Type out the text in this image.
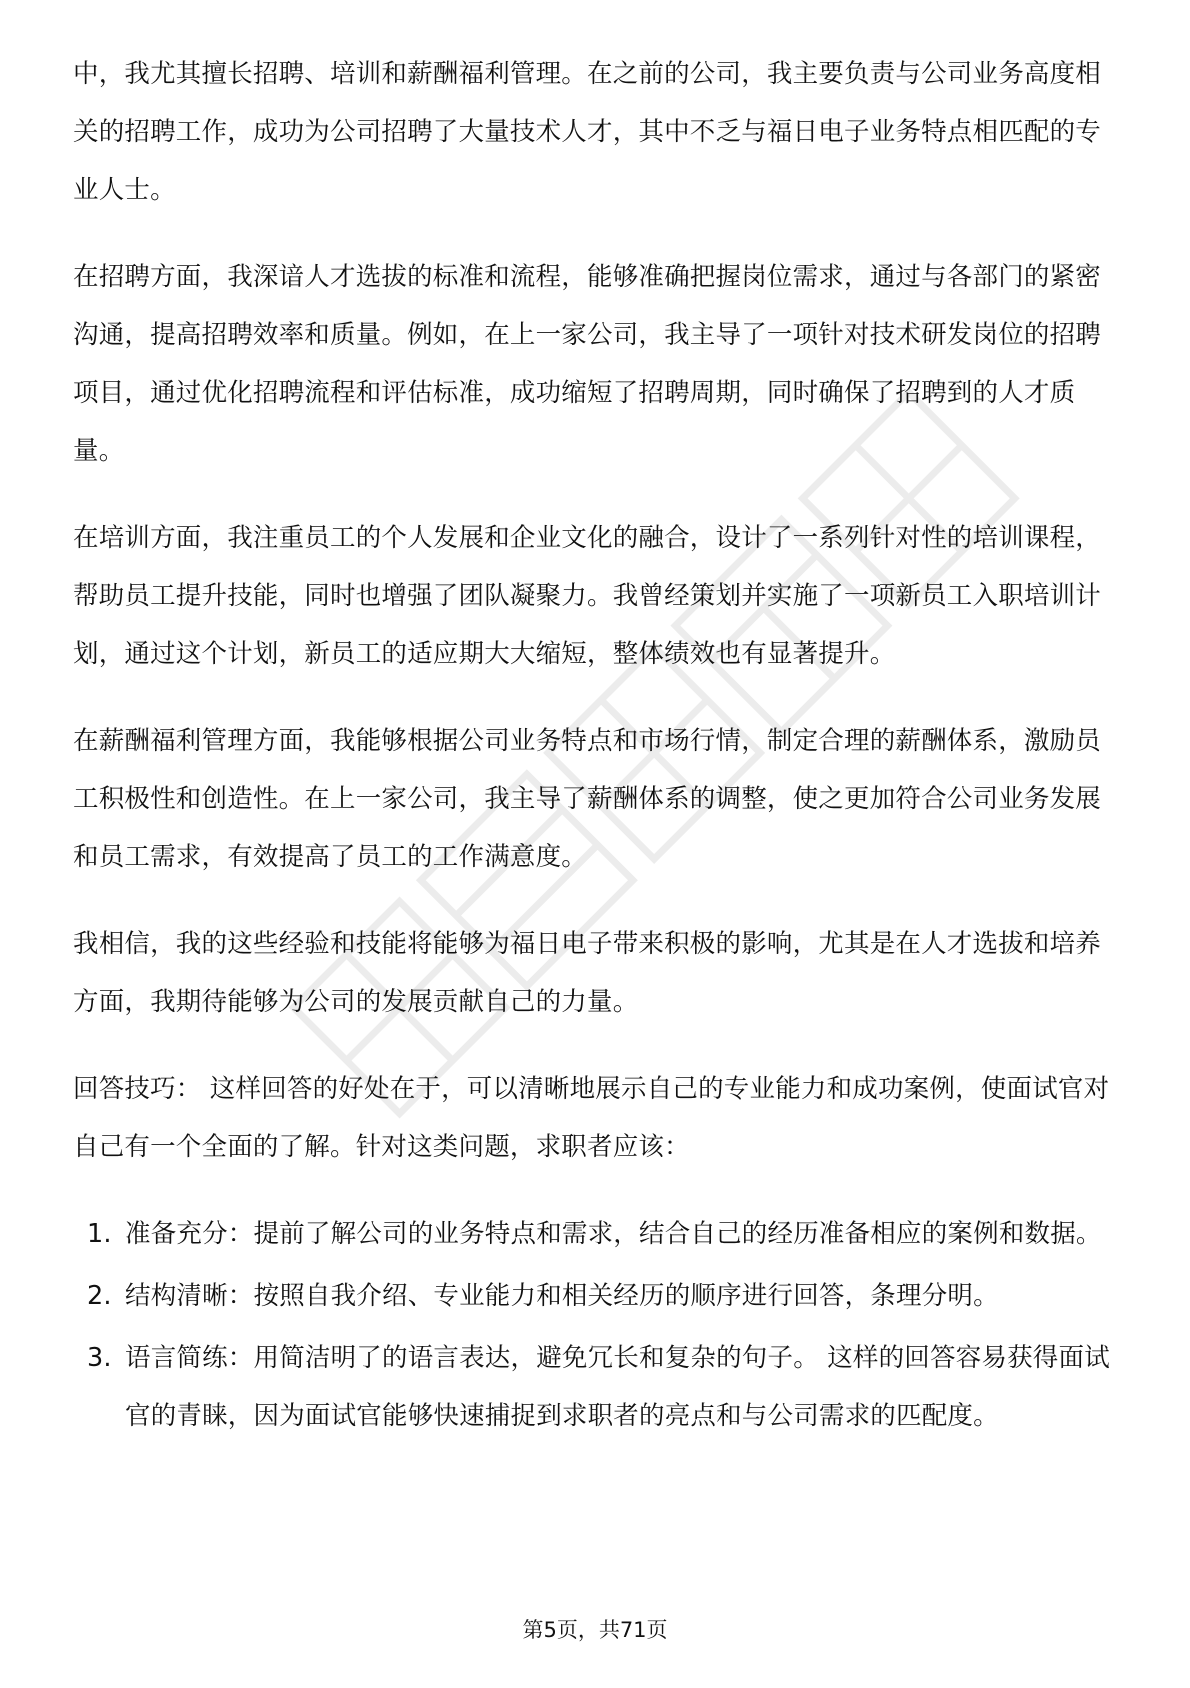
中，我尤其擅长招聘、培训和薪酬福利管理。在之前的公司，我主要负责与公司业务高度相关的招聘工作，成功为公司招聘了大量技术人才，其中不乏与福日电子业务特点相匹配的专业人士。

在招聘方面，我深谙人才选拔的标准和流程，能够准确把握岗位需求，通过与各部门的紧密沟通，提高招聘效率和质量。例如，在上一家公司，我主导了一项针对技术研发岗位的招聘项目，通过优化招聘流程和评估标准，成功缩短了招聘周期，同时确保了招聘到的人才质量。

在培训方面，我注重员工的个人发展和企业文化的融合，设计了一系列针对性的培训课程，帮助员工提升技能，同时也增强了团队凝聚力。我曾经策划并实施了一项新员工入职培训计划，通过这个计划，新员工的适应期大大缩短，整体绩效也有显著提升。

在薪酬福利管理方面，我能够根据公司业务特点和市场行情，制定合理的薪酬体系，激励员工积极性和创造性。在上一家公司，我主导了薪酬体系的调整，使之更加符合公司业务发展和员工需求，有效提高了员工的工作满意度。

我相信，我的这些经验和技能将能够为福日电子带来积极的影响，尤其是在人才选拔和培养方面，我期待能够为公司的发展贡献自己的力量。

回答技巧： 这样回答的好处在于，可以清晰地展示自己的专业能力和成功案例，使面试官对自己有一个全面的了解。针对这类问题，求职者应该：

1. 准备充分：提前了解公司的业务特点和需求，结合自己的经历准备相应的案例和数据。
2. 结构清晰：按照自我介绍、专业能力和相关经历的顺序进行回答，条理分明。
3. 语言简练：用简洁明了的语言表达，避免冗长和复杂的句子。 这样的回答容易获得面试官的青睐，因为面试官能够快速捕捉到求职者的亮点和与公司需求的匹配度。
第5页，共71页
